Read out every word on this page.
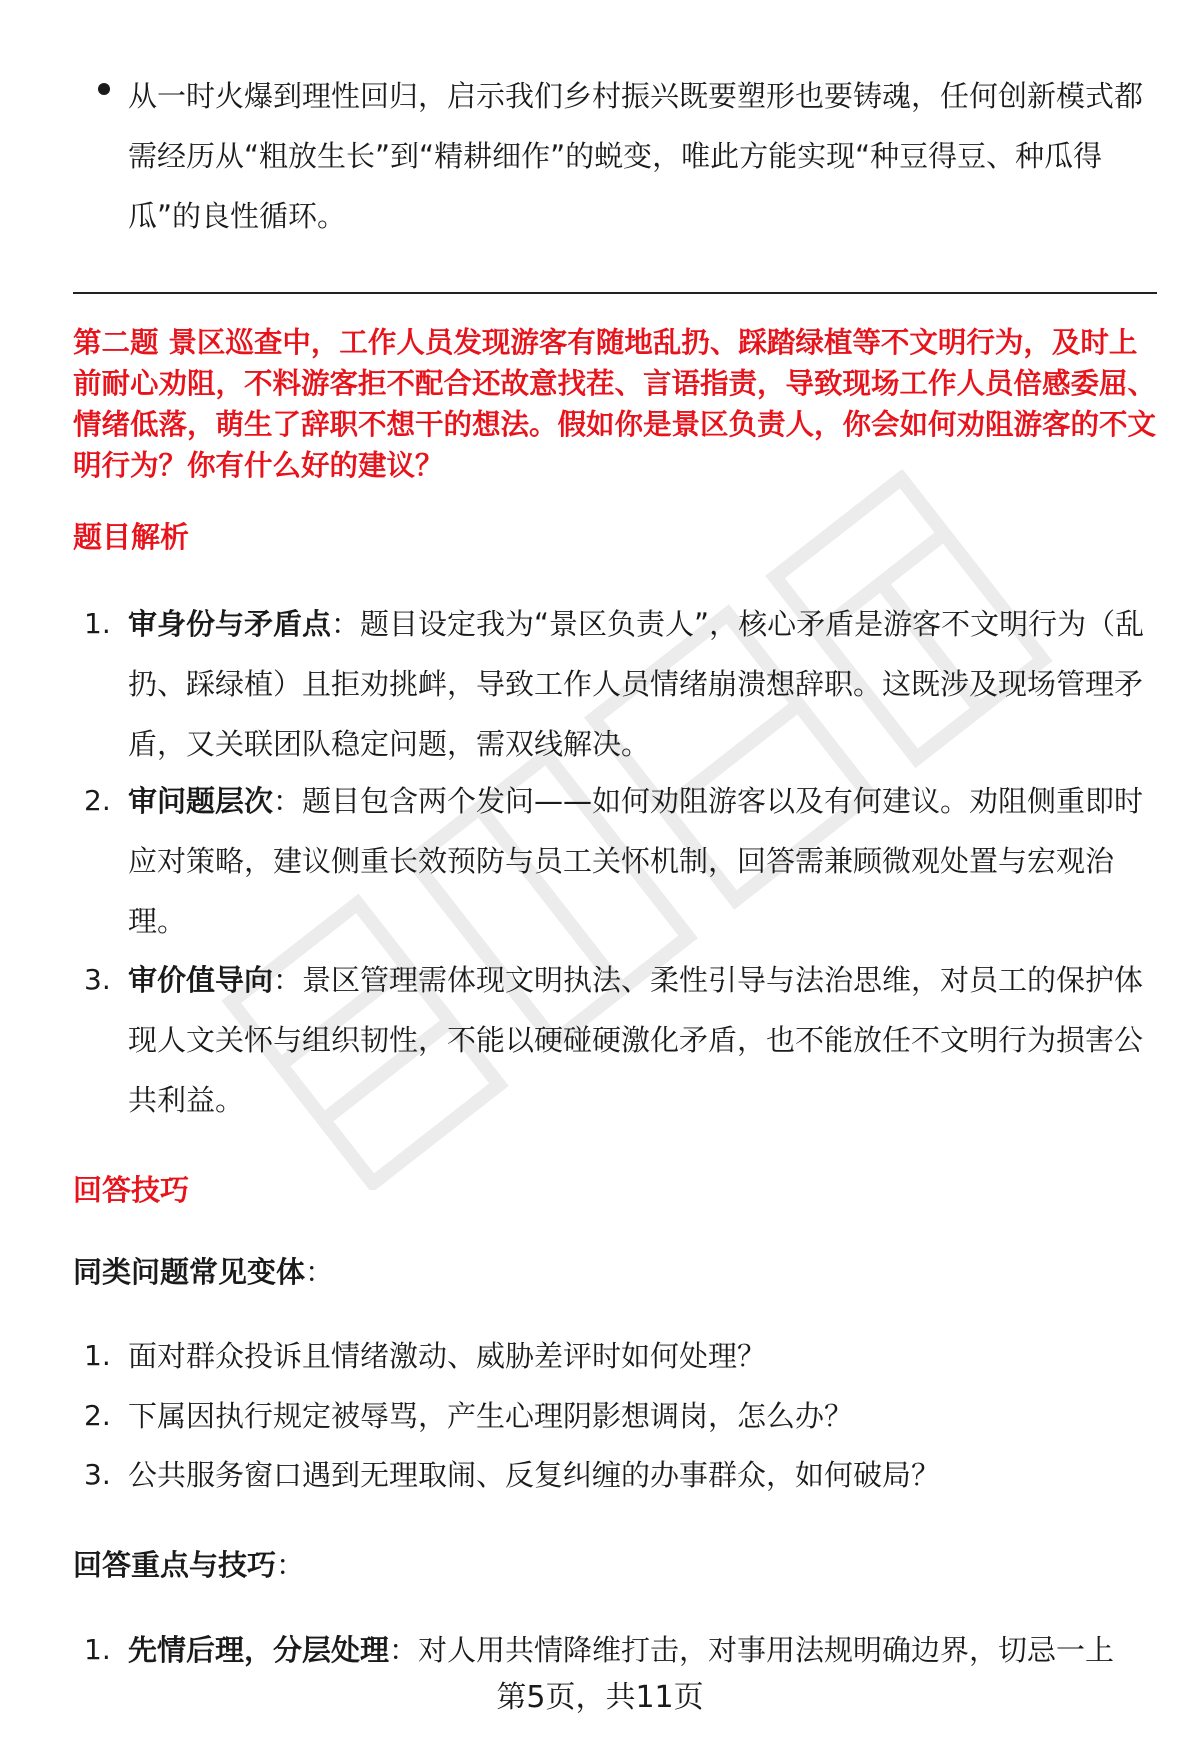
从一时火爆到理性回归，启示我们乡村振兴既要塑形也要铸魂，任何创新模式都需经历从“粗放生长”到“精耕细作”的蜕变，唯此方能实现“种豆得豆、种瓜得瓜”的良性循环。
第二题 景区巡查中，工作人员发现游客有随地乱扔、踩踏绿植等不文明行为，及时上前耐心劝阻，不料游客拒不配合还故意找茬、言语指责，导致现场工作人员倍感委屈、情绪低落，萌生了辞职不想干的想法。假如你是景区负责人，你会如何劝阻游客的不文明行为？你有什么好的建议？
题目解析
1. 审身份与矛盾点：题目设定我为“景区负责人”，核心矛盾是游客不文明行为（乱扔、踩绿植）且拒劝挑衅，导致工作人员情绪崩溃想辞职。这既涉及现场管理矛盾，又关联团队稳定问题，需双线解决。
2. 审问题层次：题目包含两个发问——如何劝阻游客以及有何建议。劝阻侧重即时应对策略，建议侧重长效预防与员工关怀机制，回答需兼顾微观处置与宏观治理。
3. 审价值导向：景区管理需体现文明执法、柔性引导与法治思维，对员工的保护体现人文关怀与组织韧性，不能以硬碰硬激化矛盾，也不能放任不文明行为损害公共利益。
回答技巧
同类问题常见变体：
1. 面对群众投诉且情绪激动、威胁差评时如何处理？
2. 下属因执行规定被辱骂，产生心理阴影想调岗，怎么办？
3. 公共服务窗口遇到无理取闹、反复纠缠的办事群众，如何破局？
回答重点与技巧：
1. 先情后理，分层处理：对人用共情降维打击，对事用法规明确边界，切忌一上
第5页，共11页
